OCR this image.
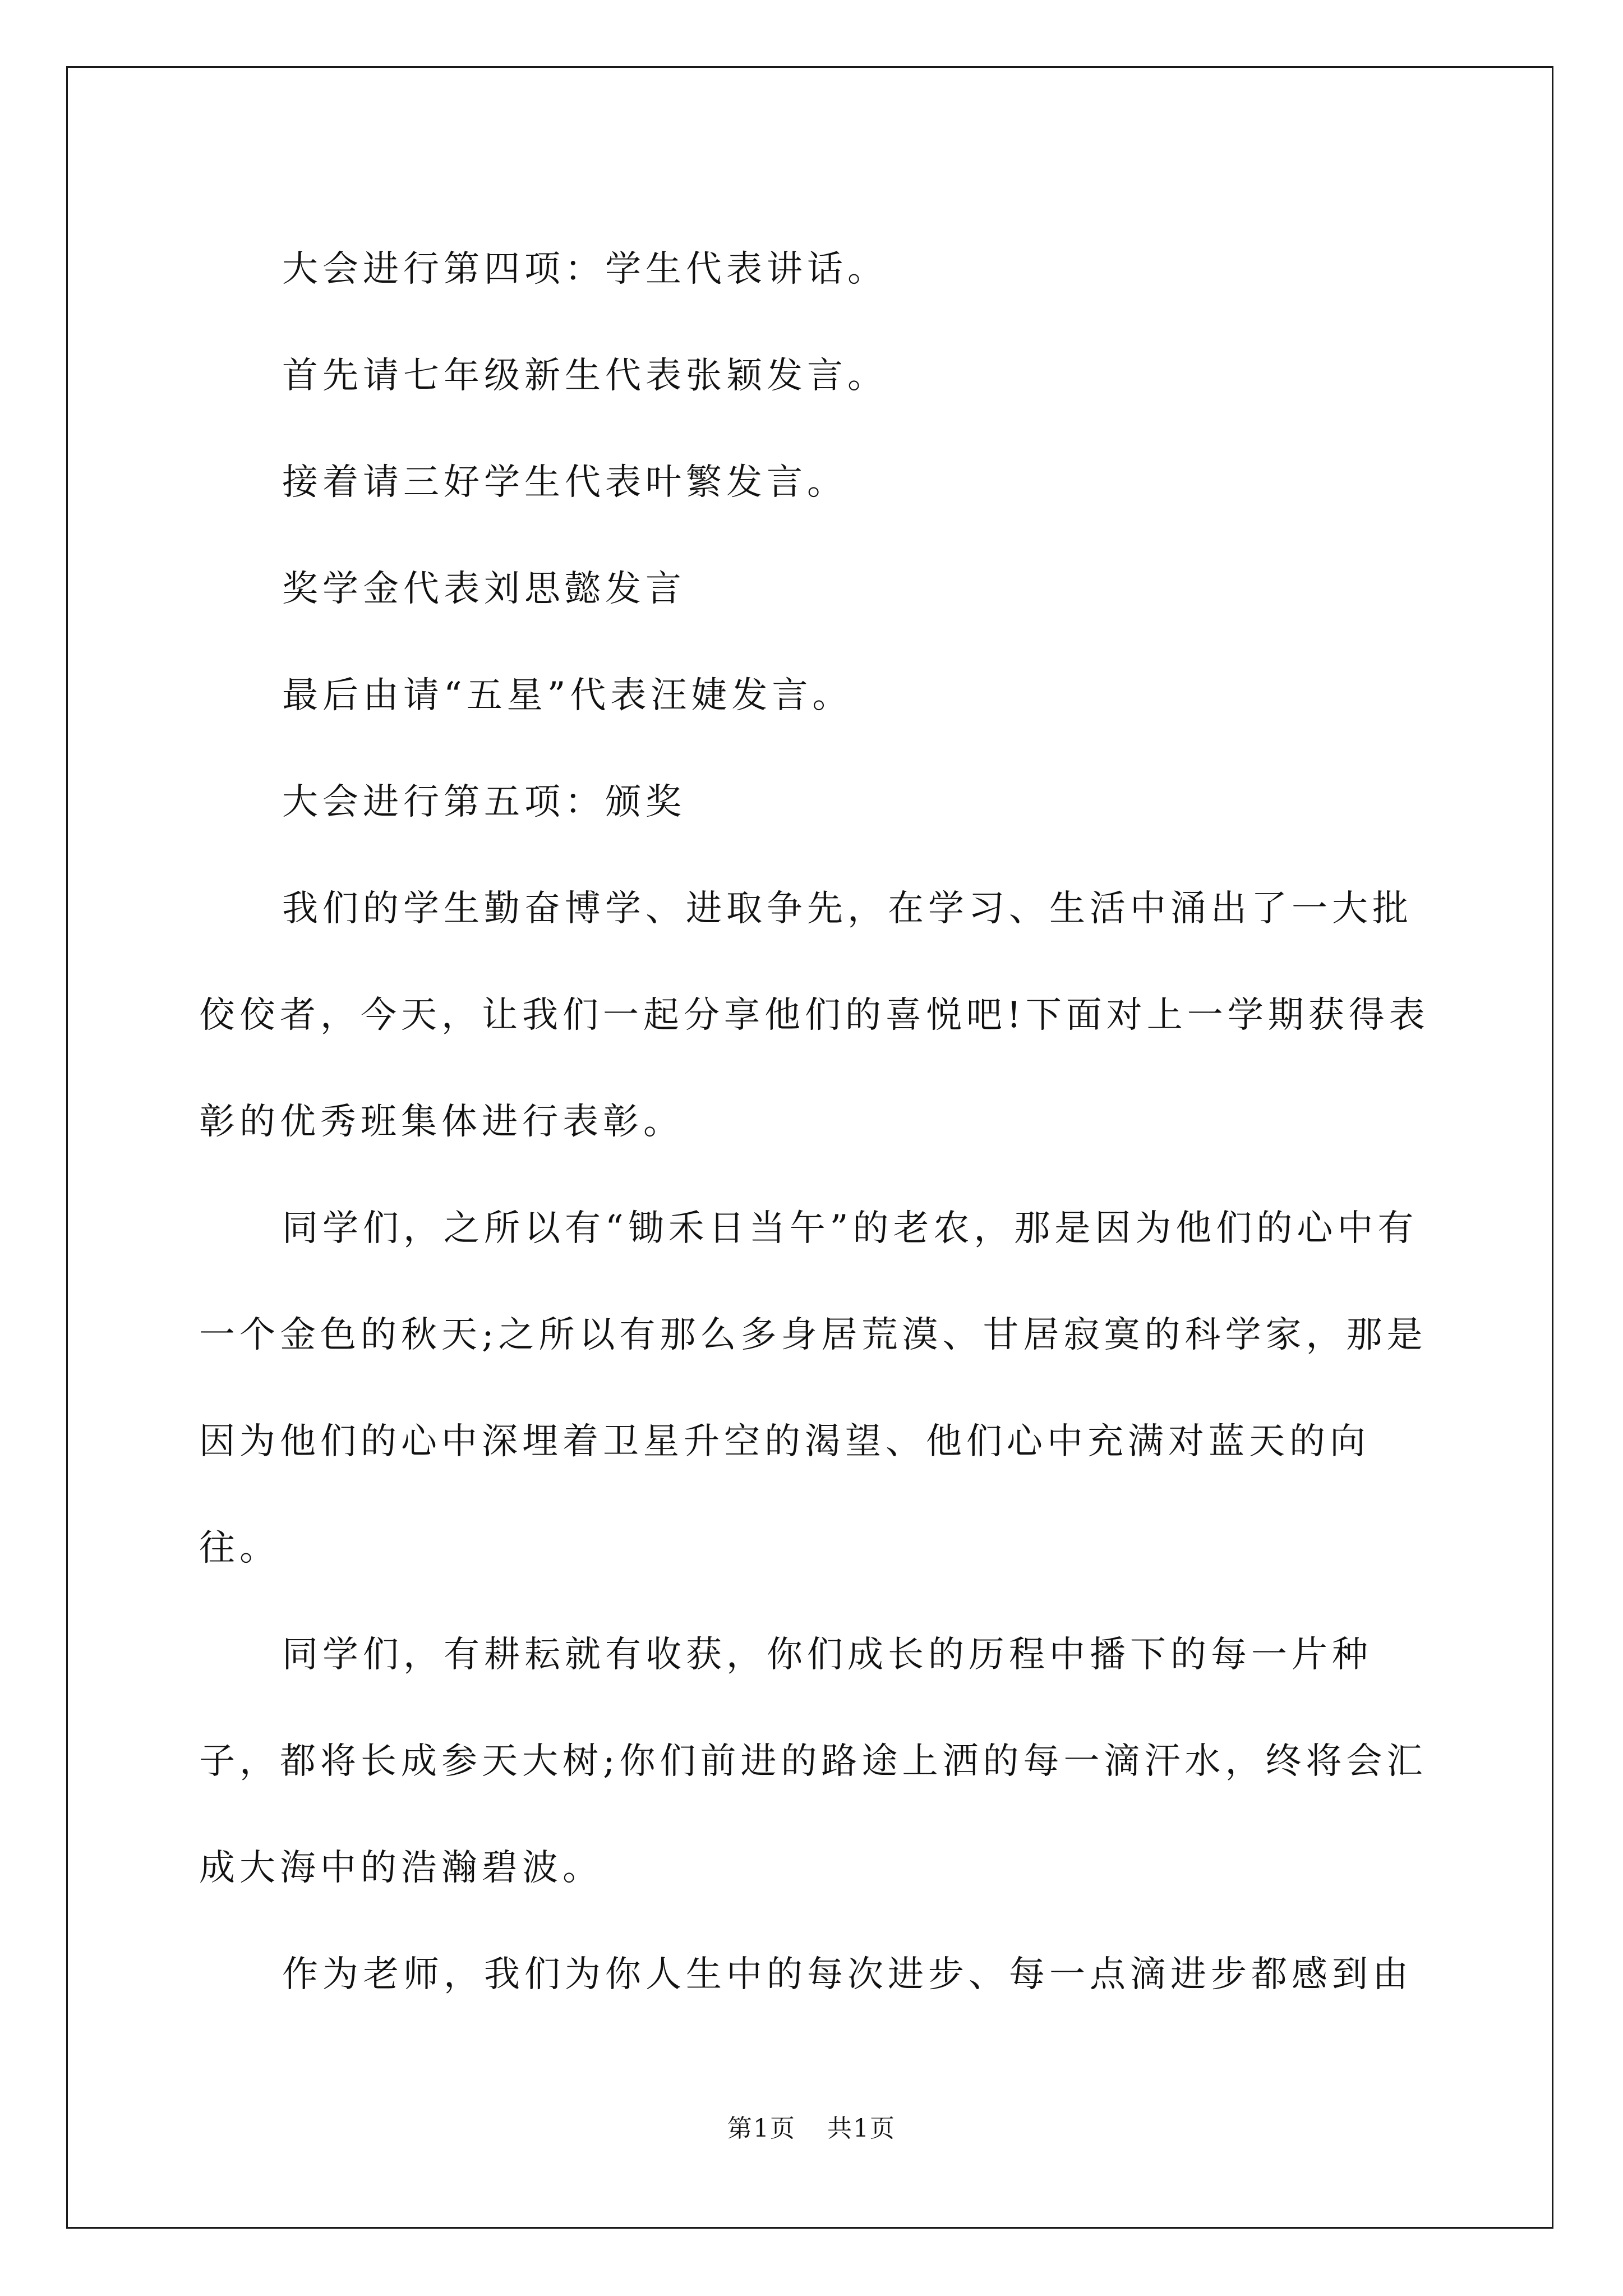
大会进行第四项：学生代表讲话。

首先请七年级新生代表张颖发言。

接着请三好学生代表叶繁发言。

奖学金代表刘思懿发言

最后由请“五星”代表汪婕发言。

大会进行第五项：颁奖

我们的学生勤奋博学、进取争先，在学习、生活中涌出了一大批佼佼者，今天，让我们一起分享他们的喜悦吧!下面对上一学期获得表彰的优秀班集体进行表彰。

同学们，之所以有“锄禾日当午”的老农，那是因为他们的心中有一个金色的秋天;之所以有那么多身居荒漠、甘居寂寞的科学家，那是因为他们的心中深埋着卫星升空的渴望、他们心中充满对蓝天的向往。

同学们，有耕耘就有收获，你们成长的历程中播下的每一片种子，都将长成参天大树;你们前进的路途上洒的每一滴汗水，终将会汇成大海中的浩瀚碧波。

作为老师，我们为你人生中的每次进步、每一点滴进步都感到由

第1页 共1页
